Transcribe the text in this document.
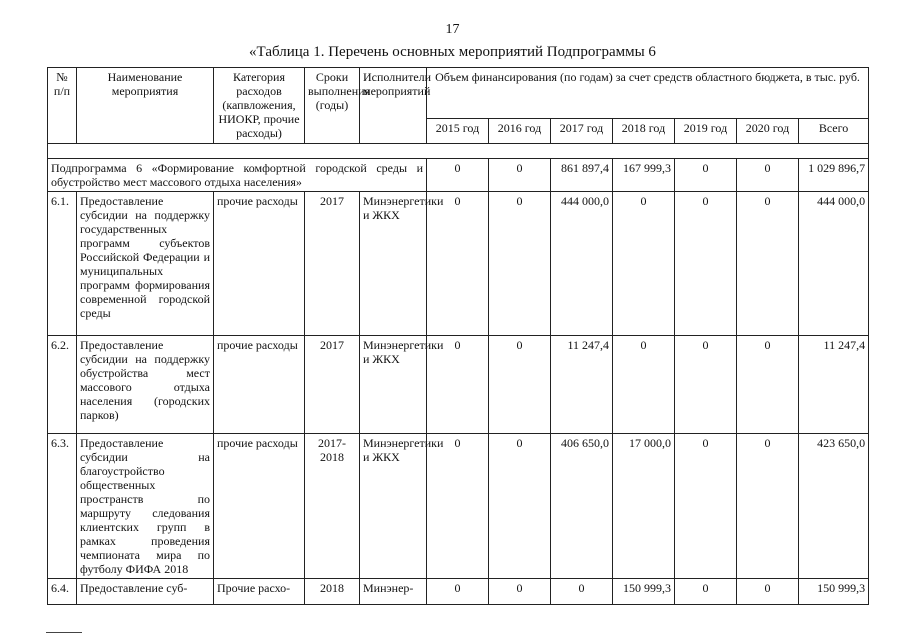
17
«Таблица 1. Перечень основных мероприятий Подпрограммы 6
№ п/п	Наименование мероприятия	Категория расходов (капвложения, НИОКР, прочие расходы)	Сроки выполнения (годы)	Исполнители мероприятий	Объем финансирования (по годам) за счет средств областного бюджета, в тыс. руб.						
					2015 год	2016 год	2017 год	2018 год	2019 год	2020 год	Всего

Подпрограмма 6 «Формирование комфортной городской среды и обустройство мест массового отдыха населения»					0	0	861 897,4	167 999,3	0	0	1 029 896,7
6.1.	Предоставление субсидии на поддержку государственных программ субъектов Российской Федерации и муниципальных программ формирования современной городской среды	прочие расходы	2017	Минэнергетики и ЖКХ	0	0	444 000,0	0	0	0	444 000,0
6.2.	Предоставление субсидии на поддержку обустройства мест массового отдыха населения (городских парков)	прочие расходы	2017	Минэнергетики и ЖКХ	0	0	11 247,4	0	0	0	11 247,4
6.3.	Предоставление субсидии на благоустройство общественных пространств по маршруту следования клиентских групп в рамках проведения чемпионата мира по футболу ФИФА 2018	прочие расходы	2017-2018	Минэнергетики и ЖКХ	0	0	406 650,0	17 000,0	0	0	423 650,0
6.4.	Предоставление суб-	Прочие расхо-	2018	Минэнер-	0	0	0	150 999,3	0	0	150 999,3
